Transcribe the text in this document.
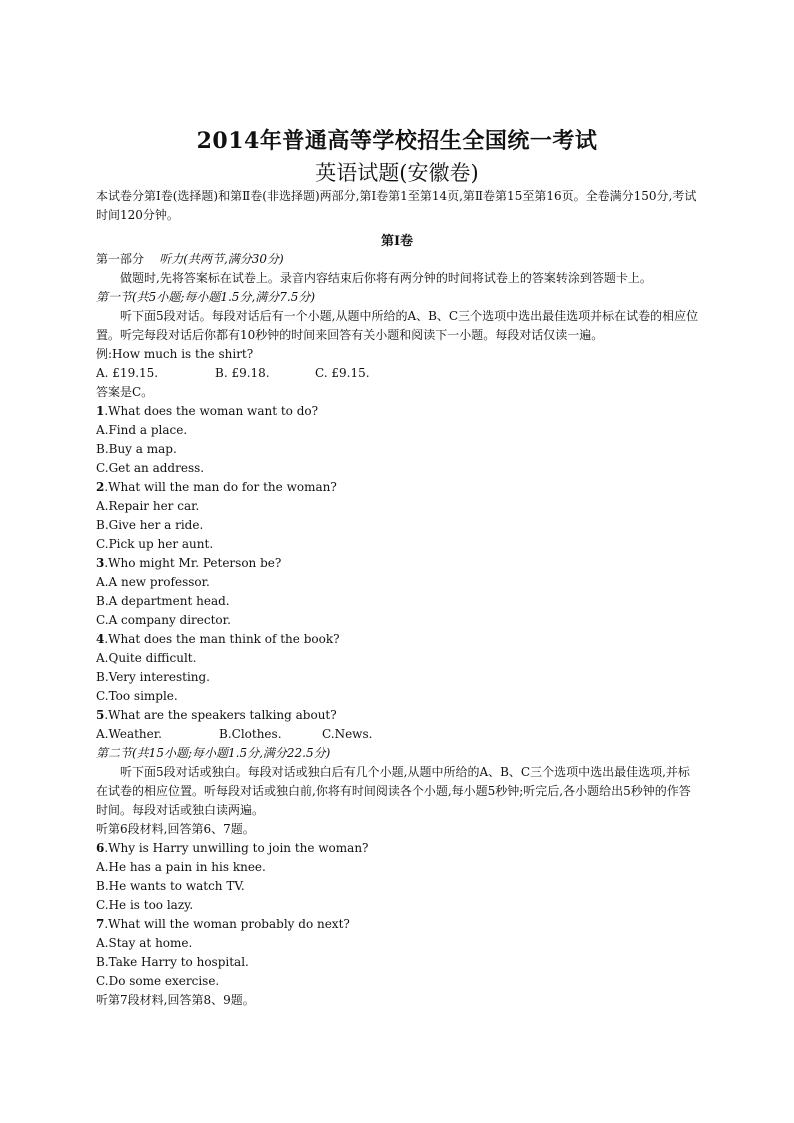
2014年普通高等学校招生全国统一考试
英语试题(安徽卷)
本试卷分第Ⅰ卷(选择题)和第Ⅱ卷(非选择题)两部分,第Ⅰ卷第1至第14页,第Ⅱ卷第15至第16页。全卷满分150分,考试时间120分钟。
第Ⅰ卷
第一部分 听力(共两节,满分30分)
做题时,先将答案标在试卷上。录音内容结束后你将有两分钟的时间将试卷上的答案转涂到答题卡上。
第一节(共5小题;每小题1.5分,满分7.5分)
听下面5段对话。每段对话后有一个小题,从题中所给的A、B、C三个选项中选出最佳选项并标在试卷的相应位置。听完每段对话后你都有10秒钟的时间来回答有关小题和阅读下一小题。每段对话仅读一遍。
例:How much is the shirt?
A. £19.15.	B. £9.18.	C. £9.15.
答案是C。
1.What does the woman want to do?
A.Find a place.
B.Buy a map.
C.Get an address.
2.What will the man do for the woman?
A.Repair her car.
B.Give her a ride.
C.Pick up her aunt.
3.Who might Mr. Peterson be?
A.A new professor.
B.A department head.
C.A company director.
4.What does the man think of the book?
A.Quite difficult.
B.Very interesting.
C.Too simple.
5.What are the speakers talking about?
A.Weather.	B.Clothes.	C.News.
第二节(共15小题;每小题1.5分,满分22.5分)
听下面5段对话或独白。每段对话或独白后有几个小题,从题中所给的A、B、C三个选项中选出最佳选项,并标在试卷的相应位置。听每段对话或独白前,你将有时间阅读各个小题,每小题5秒钟;听完后,各小题给出5秒钟的作答时间。每段对话或独白读两遍。
听第6段材料,回答第6、7题。
6.Why is Harry unwilling to join the woman?
A.He has a pain in his knee.
B.He wants to watch TV.
C.He is too lazy.
7.What will the woman probably do next?
A.Stay at home.
B.Take Harry to hospital.
C.Do some exercise.
听第7段材料,回答第8、9题。
